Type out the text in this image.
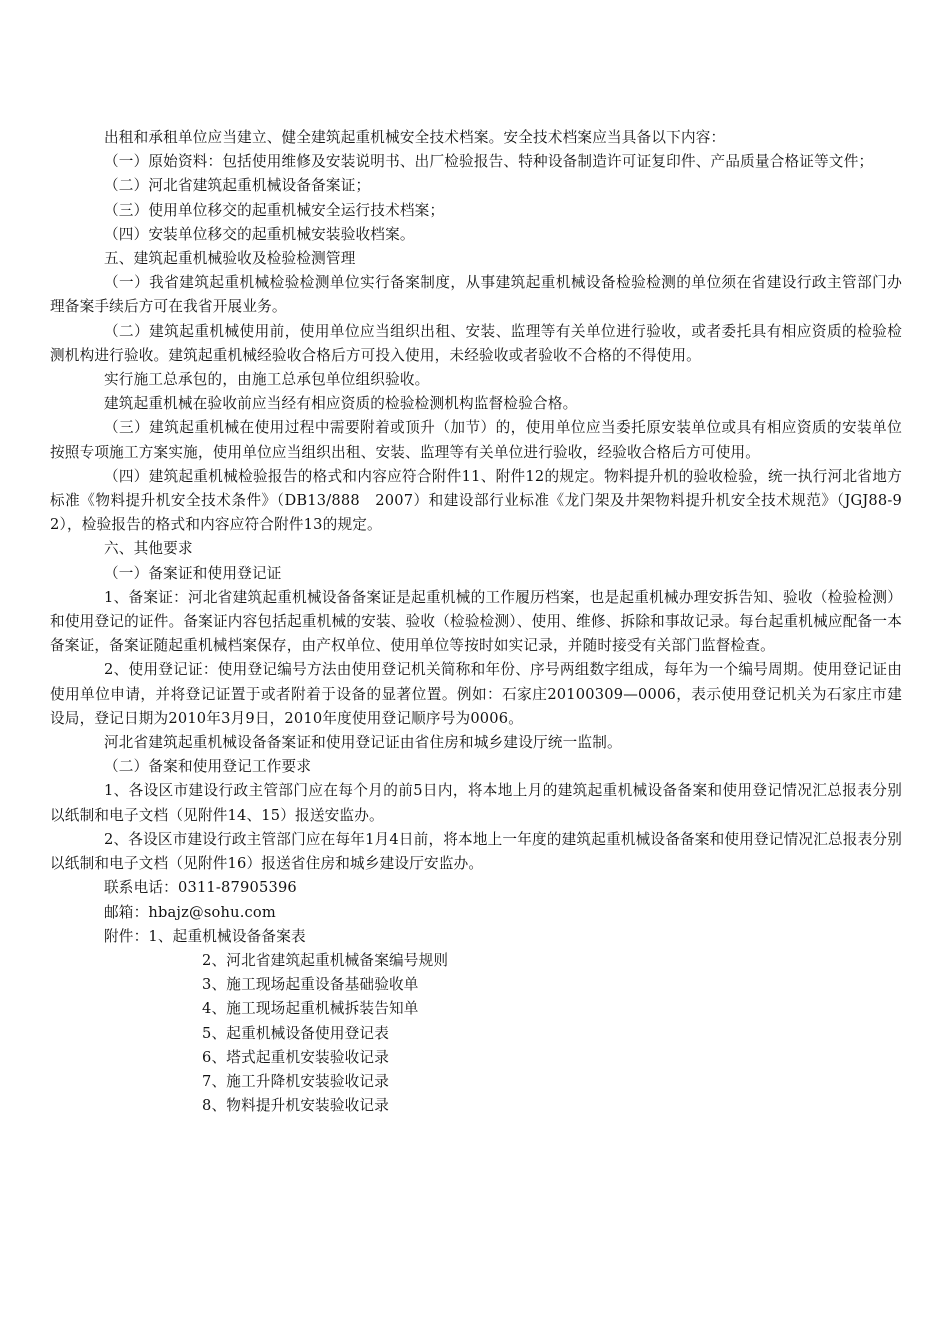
出租和承租单位应当建立、健全建筑起重机械安全技术档案。安全技术档案应当具备以下内容：

（一）原始资料：包括使用维修及安装说明书、出厂检验报告、特种设备制造许可证复印件、产品质量合格证等文件；

（二）河北省建筑起重机械设备备案证；

（三）使用单位移交的起重机械安全运行技术档案；

（四）安装单位移交的起重机械安装验收档案。

五、建筑起重机械验收及检验检测管理

（一）我省建筑起重机械检验检测单位实行备案制度，从事建筑起重机械设备检验检测的单位须在省建设行政主管部门办理备案手续后方可在我省开展业务。

（二）建筑起重机械使用前，使用单位应当组织出租、安装、监理等有关单位进行验收，或者委托具有相应资质的检验检测机构进行验收。建筑起重机械经验收合格后方可投入使用，未经验收或者验收不合格的不得使用。

实行施工总承包的，由施工总承包单位组织验收。

建筑起重机械在验收前应当经有相应资质的检验检测机构监督检验合格。

（三）建筑起重机械在使用过程中需要附着或顶升（加节）的，使用单位应当委托原安装单位或具有相应资质的安装单位按照专项施工方案实施，使用单位应当组织出租、安装、监理等有关单位进行验收，经验收合格后方可使用。

（四）建筑起重机械检验报告的格式和内容应符合附件11、附件12的规定。物料提升机的验收检验，统一执行河北省地方标准《物料提升机安全技术条件》（DB13/888　2007）和建设部行业标准《龙门架及井架物料提升机安全技术规范》（JGJ88-92），检验报告的格式和内容应符合附件13的规定。

六、其他要求

（一）备案证和使用登记证

1、备案证：河北省建筑起重机械设备备案证是起重机械的工作履历档案，也是起重机械办理安拆告知、验收（检验检测）和使用登记的证件。备案证内容包括起重机械的安装、验收（检验检测）、使用、维修、拆除和事故记录。每台起重机械应配备一本备案证，备案证随起重机械档案保存，由产权单位、使用单位等按时如实记录，并随时接受有关部门监督检查。

2、使用登记证：使用登记编号方法由使用登记机关简称和年份、序号两组数字组成，每年为一个编号周期。使用登记证由使用单位申请，并将登记证置于或者附着于设备的显著位置。例如：石家庄20100309—0006，表示使用登记机关为石家庄市建设局，登记日期为2010年3月9日，2010年度使用登记顺序号为0006。

河北省建筑起重机械设备备案证和使用登记证由省住房和城乡建设厅统一监制。

（二）备案和使用登记工作要求

1、各设区市建设行政主管部门应在每个月的前5日内，将本地上月的建筑起重机械设备备案和使用登记情况汇总报表分别以纸制和电子文档（见附件14、15）报送安监办。

2、各设区市建设行政主管部门应在每年1月4日前，将本地上一年度的建筑起重机械设备备案和使用登记情况汇总报表分别以纸制和电子文档（见附件16）报送省住房和城乡建设厅安监办。

联系电话：0311-87905396

邮箱：hbajz@sohu.com

附件：1、起重机械设备备案表

2、河北省建筑起重机械备案编号规则

3、施工现场起重设备基础验收单

4、施工现场起重机械拆装告知单

5、起重机械设备使用登记表

6、塔式起重机安装验收记录

7、施工升降机安装验收记录

8、物料提升机安装验收记录
